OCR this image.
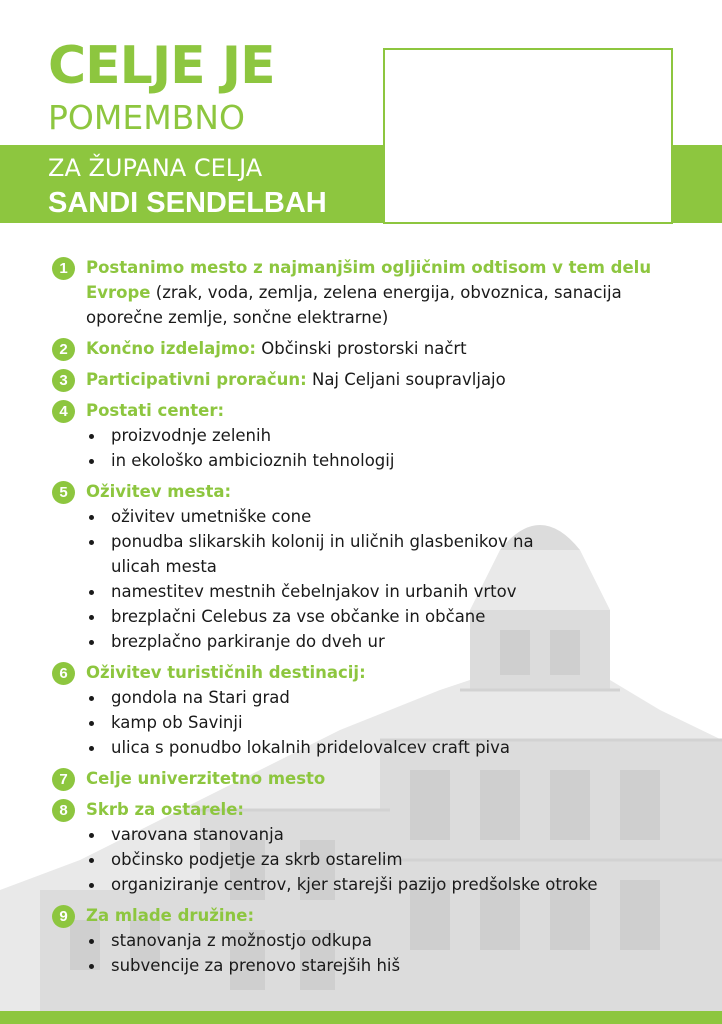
CELJE JE
POMEMBNO
ZA ŽUPANA CELJA
SANDI SENDELBAH
1	Postanimo mesto z najmanjšim ogljičnim odtisom v tem delu Evrope (zrak, voda, zemlja, zelena energija, obvoznica, sanacija oporečne zemlje, sončne elektrarne)
2	Končno izdelajmo: Občinski prostorski načrt
3	Participativni proračun: Naj Celjani soupravljajo
4	Postati center:
proizvodnje zelenih
in ekološko ambicioznih tehnologij
5	Oživitev mesta:
oživitev umetniške cone
ponudba slikarskih kolonij in uličnih glasbenikov na ulicah mesta
namestitev mestnih čebelnjakov in urbanih vrtov
brezplačni Celebus za vse občanke in občane
brezplačno parkiranje do dveh ur
6	Oživitev turističnih destinacij:
gondola na Stari grad
kamp ob Savinji
ulica s ponudbo lokalnih pridelovalcev craft piva
7	Celje univerzitetno mesto
8	Skrb za ostarele:
varovana stanovanja
občinsko podjetje za skrb ostarelim
organiziranje centrov, kjer starejši pazijo predšolske otroke
9	Za mlade družine:
stanovanja z možnostjo odkupa
subvencije za prenovo starejših hiš
